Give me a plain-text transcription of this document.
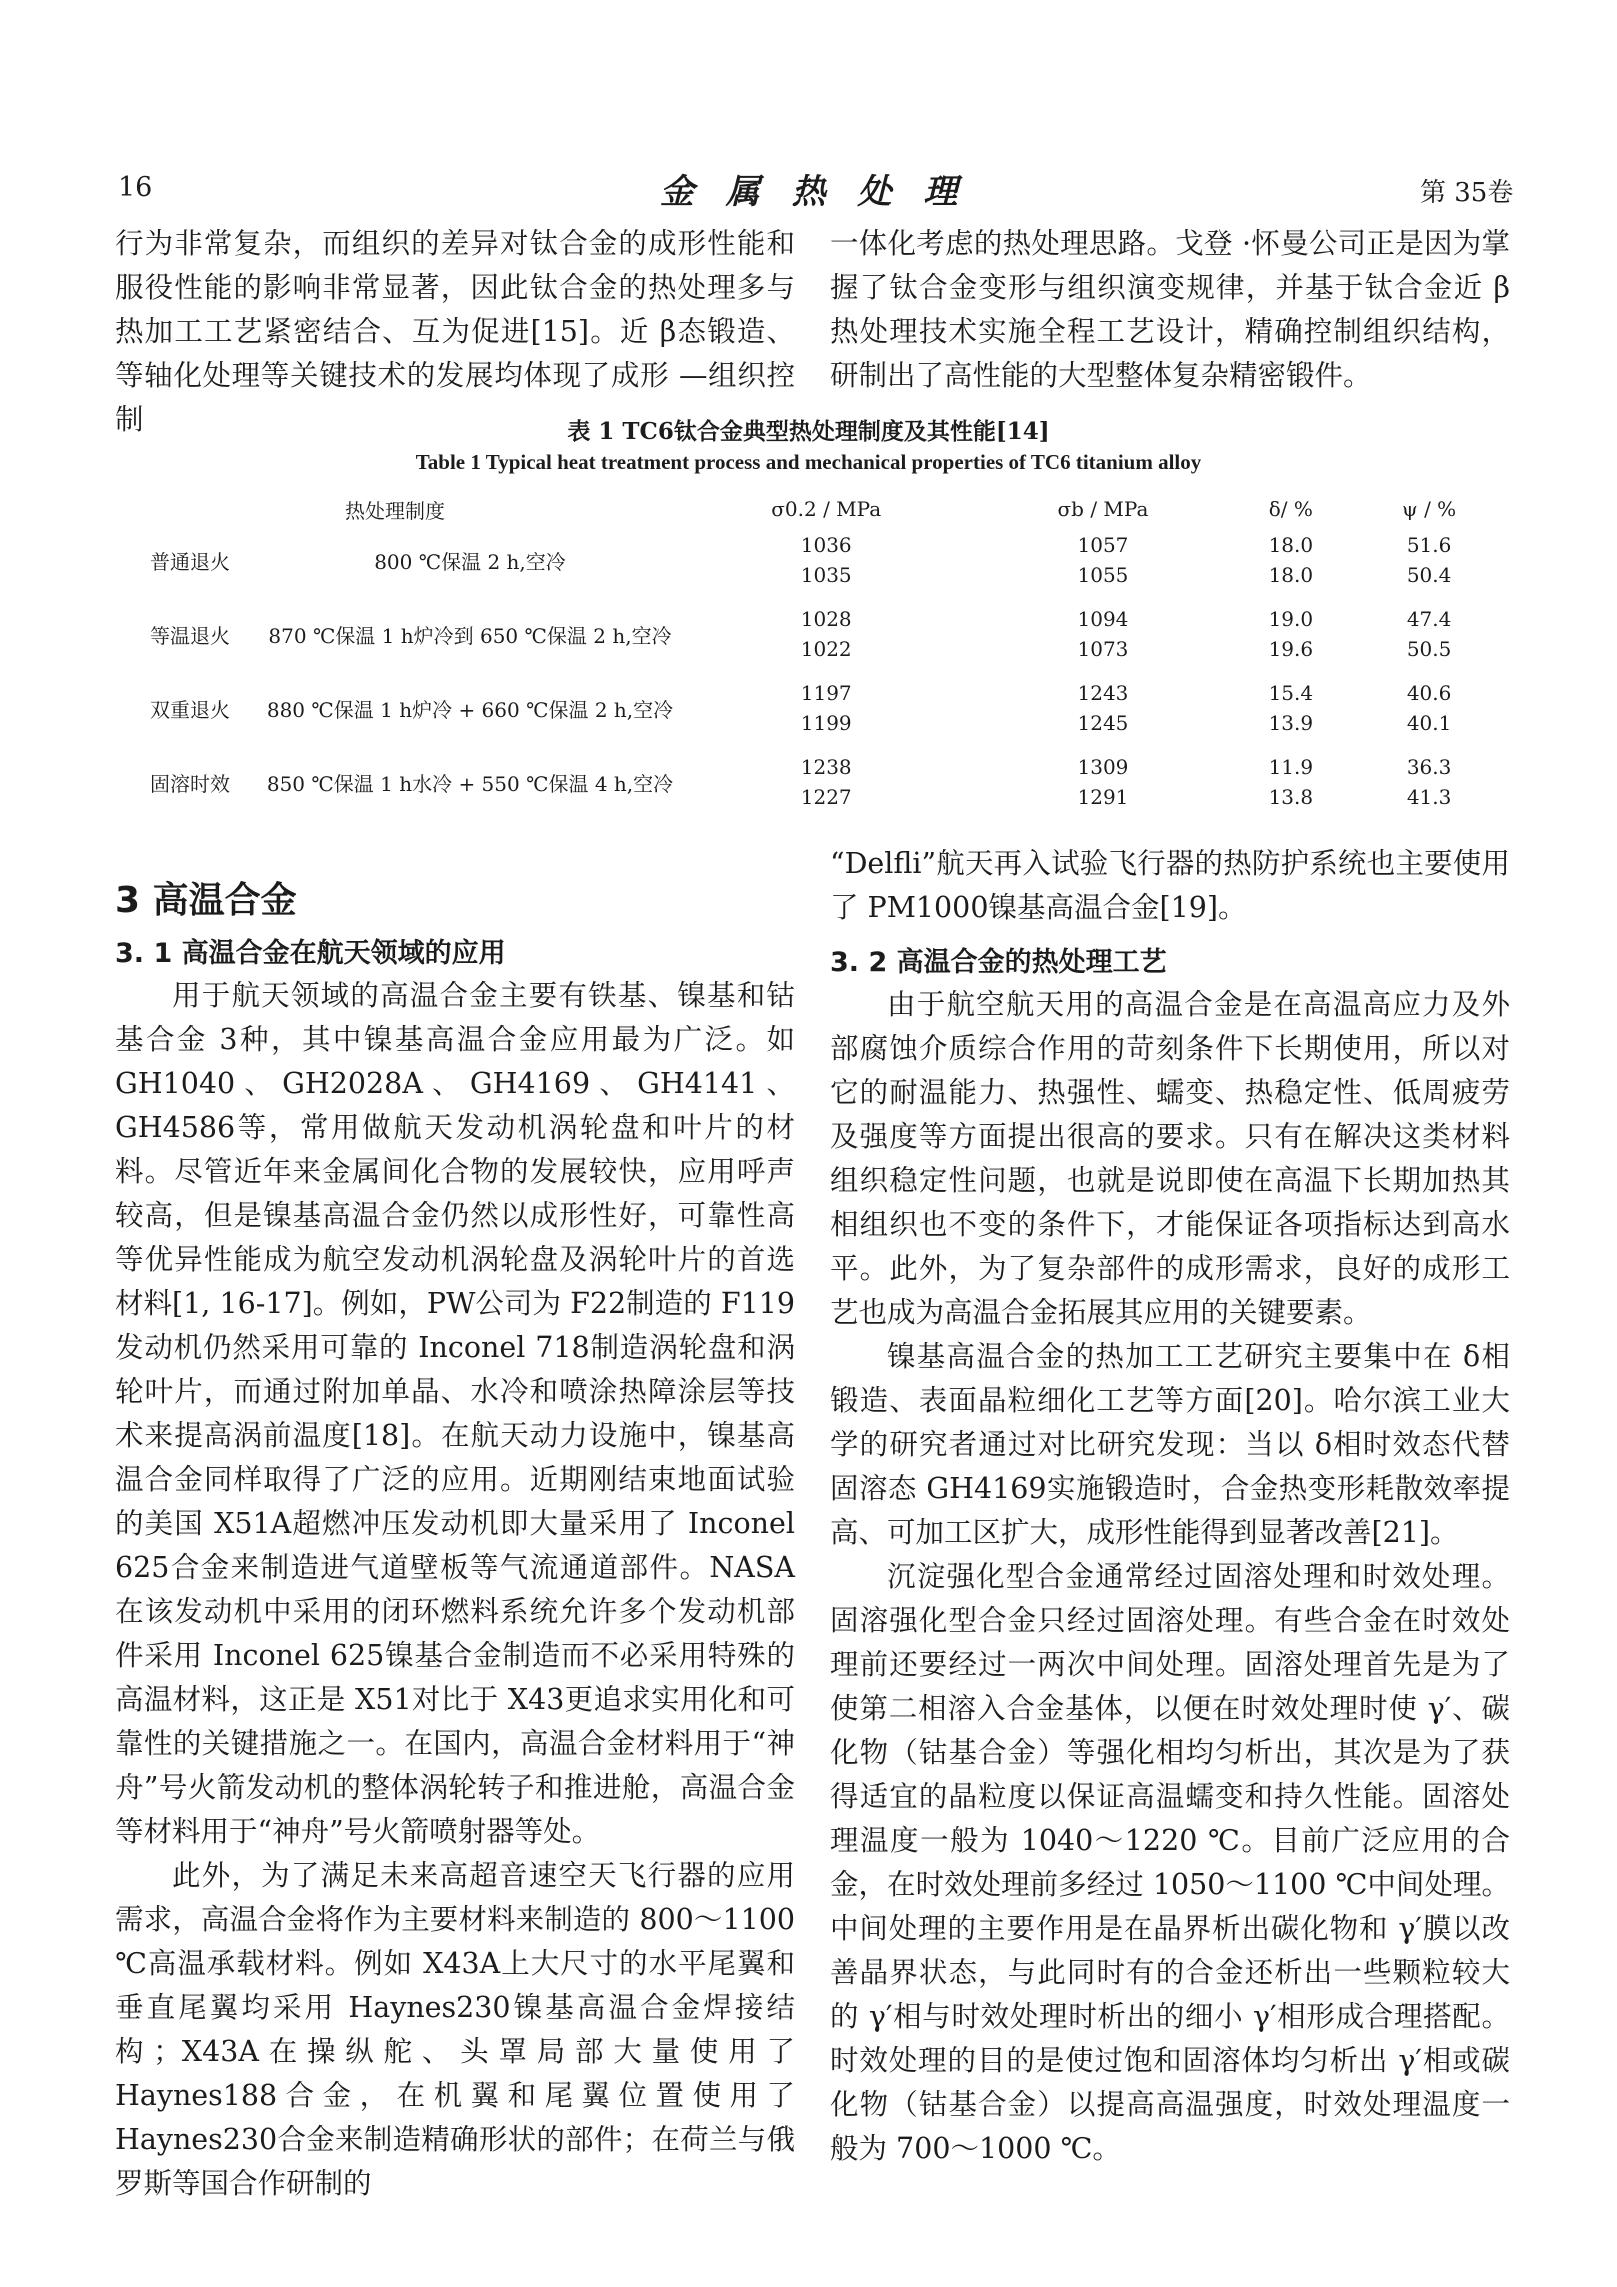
16	金 属 热 处 理	第 35卷

行为非常复杂，而组织的差异对钛合金的成形性能和服役性能的影响非常显著，因此钛合金的热处理多与热加工工艺紧密结合、互为促进[15]。近 β态锻造、等轴化处理等关键技术的发展均体现了成形 —组织控制

一体化考虑的热处理思路。戈登 ·怀曼公司正是因为掌握了钛合金变形与组织演变规律，并基于钛合金近 β热处理技术实施全程工艺设计，精确控制组织结构，研制出了高性能的大型整体复杂精密锻件。

表 1 TC6钛合金典型热处理制度及其性能[14]
Table 1 Typical heat treatment process and mechanical properties of TC6 titanium alloy
热处理制度		σ0.2 / MPa	σb / MPa	δ/ %	ψ / %
普通退火	800 ℃保温 2 h,空冷	1036	1057	18.0	51.6
		1035	1055	18.0	50.4

等温退火	870 ℃保温 1 h炉冷到 650 ℃保温 2 h,空冷	1028	1094	19.0	47.4
		1022	1073	19.6	50.5

双重退火	880 ℃保温 1 h炉冷 + 660 ℃保温 2 h,空冷	1197	1243	15.4	40.6
		1199	1245	13.9	40.1

固溶时效	850 ℃保温 1 h水冷 + 550 ℃保温 4 h,空冷	1238	1309	11.9	36.3
		1227	1291	13.8	41.3
3 高温合金
3. 1 高温合金在航天领域的应用

用于航天领域的高温合金主要有铁基、镍基和钴基合金 3种，其中镍基高温合金应用最为广泛。如 GH1040、GH2028A、GH4169、GH4141、GH4586等，常用做航天发动机涡轮盘和叶片的材料。尽管近年来金属间化合物的发展较快，应用呼声较高，但是镍基高温合金仍然以成形性好，可靠性高等优异性能成为航空发动机涡轮盘及涡轮叶片的首选材料[1, 16-17]。例如，PW公司为 F22制造的 F119发动机仍然采用可靠的 Inconel 718制造涡轮盘和涡轮叶片，而通过附加单晶、水冷和喷涂热障涂层等技术来提高涡前温度[18]。在航天动力设施中，镍基高温合金同样取得了广泛的应用。近期刚结束地面试验的美国 X51A超燃冲压发动机即大量采用了 Inconel 625合金来制造进气道壁板等气流通道部件。NASA在该发动机中采用的闭环燃料系统允许多个发动机部件采用 Inconel 625镍基合金制造而不必采用特殊的高温材料，这正是 X51对比于 X43更追求实用化和可靠性的关键措施之一。在国内，高温合金材料用于“神舟”号火箭发动机的整体涡轮转子和推进舱，高温合金等材料用于“神舟”号火箭喷射器等处。

此外，为了满足未来高超音速空天飞行器的应用需求，高温合金将作为主要材料来制造的 800～1100 ℃高温承载材料。例如 X43A上大尺寸的水平尾翼和垂直尾翼均采用 Haynes230镍基高温合金焊接结构；X43A在操纵舵、头罩局部大量使用了 Haynes188合金，在机翼和尾翼位置使用了 Haynes230合金来制造精确形状的部件；在荷兰与俄罗斯等国合作研制的

“Delfli”航天再入试验飞行器的热防护系统也主要使用了 PM1000镍基高温合金[19]。

3. 2 高温合金的热处理工艺

由于航空航天用的高温合金是在高温高应力及外部腐蚀介质综合作用的苛刻条件下长期使用，所以对它的耐温能力、热强性、蠕变、热稳定性、低周疲劳及强度等方面提出很高的要求。只有在解决这类材料组织稳定性问题，也就是说即使在高温下长期加热其相组织也不变的条件下，才能保证各项指标达到高水平。此外，为了复杂部件的成形需求，良好的成形工艺也成为高温合金拓展其应用的关键要素。

镍基高温合金的热加工工艺研究主要集中在 δ相锻造、表面晶粒细化工艺等方面[20]。哈尔滨工业大学的研究者通过对比研究发现：当以 δ相时效态代替固溶态 GH4169实施锻造时，合金热变形耗散效率提高、可加工区扩大，成形性能得到显著改善[21]。

沉淀强化型合金通常经过固溶处理和时效处理。固溶强化型合金只经过固溶处理。有些合金在时效处理前还要经过一两次中间处理。固溶处理首先是为了使第二相溶入合金基体，以便在时效处理时使 γ′、碳化物（钴基合金）等强化相均匀析出，其次是为了获得适宜的晶粒度以保证高温蠕变和持久性能。固溶处理温度一般为 1040～1220 ℃。目前广泛应用的合金，在时效处理前多经过 1050～1100 ℃中间处理。中间处理的主要作用是在晶界析出碳化物和 γ′膜以改善晶界状态，与此同时有的合金还析出一些颗粒较大的 γ′相与时效处理时析出的细小 γ′相形成合理搭配。时效处理的目的是使过饱和固溶体均匀析出 γ′相或碳化物（钴基合金）以提高高温强度，时效处理温度一般为 700～1000 ℃。
